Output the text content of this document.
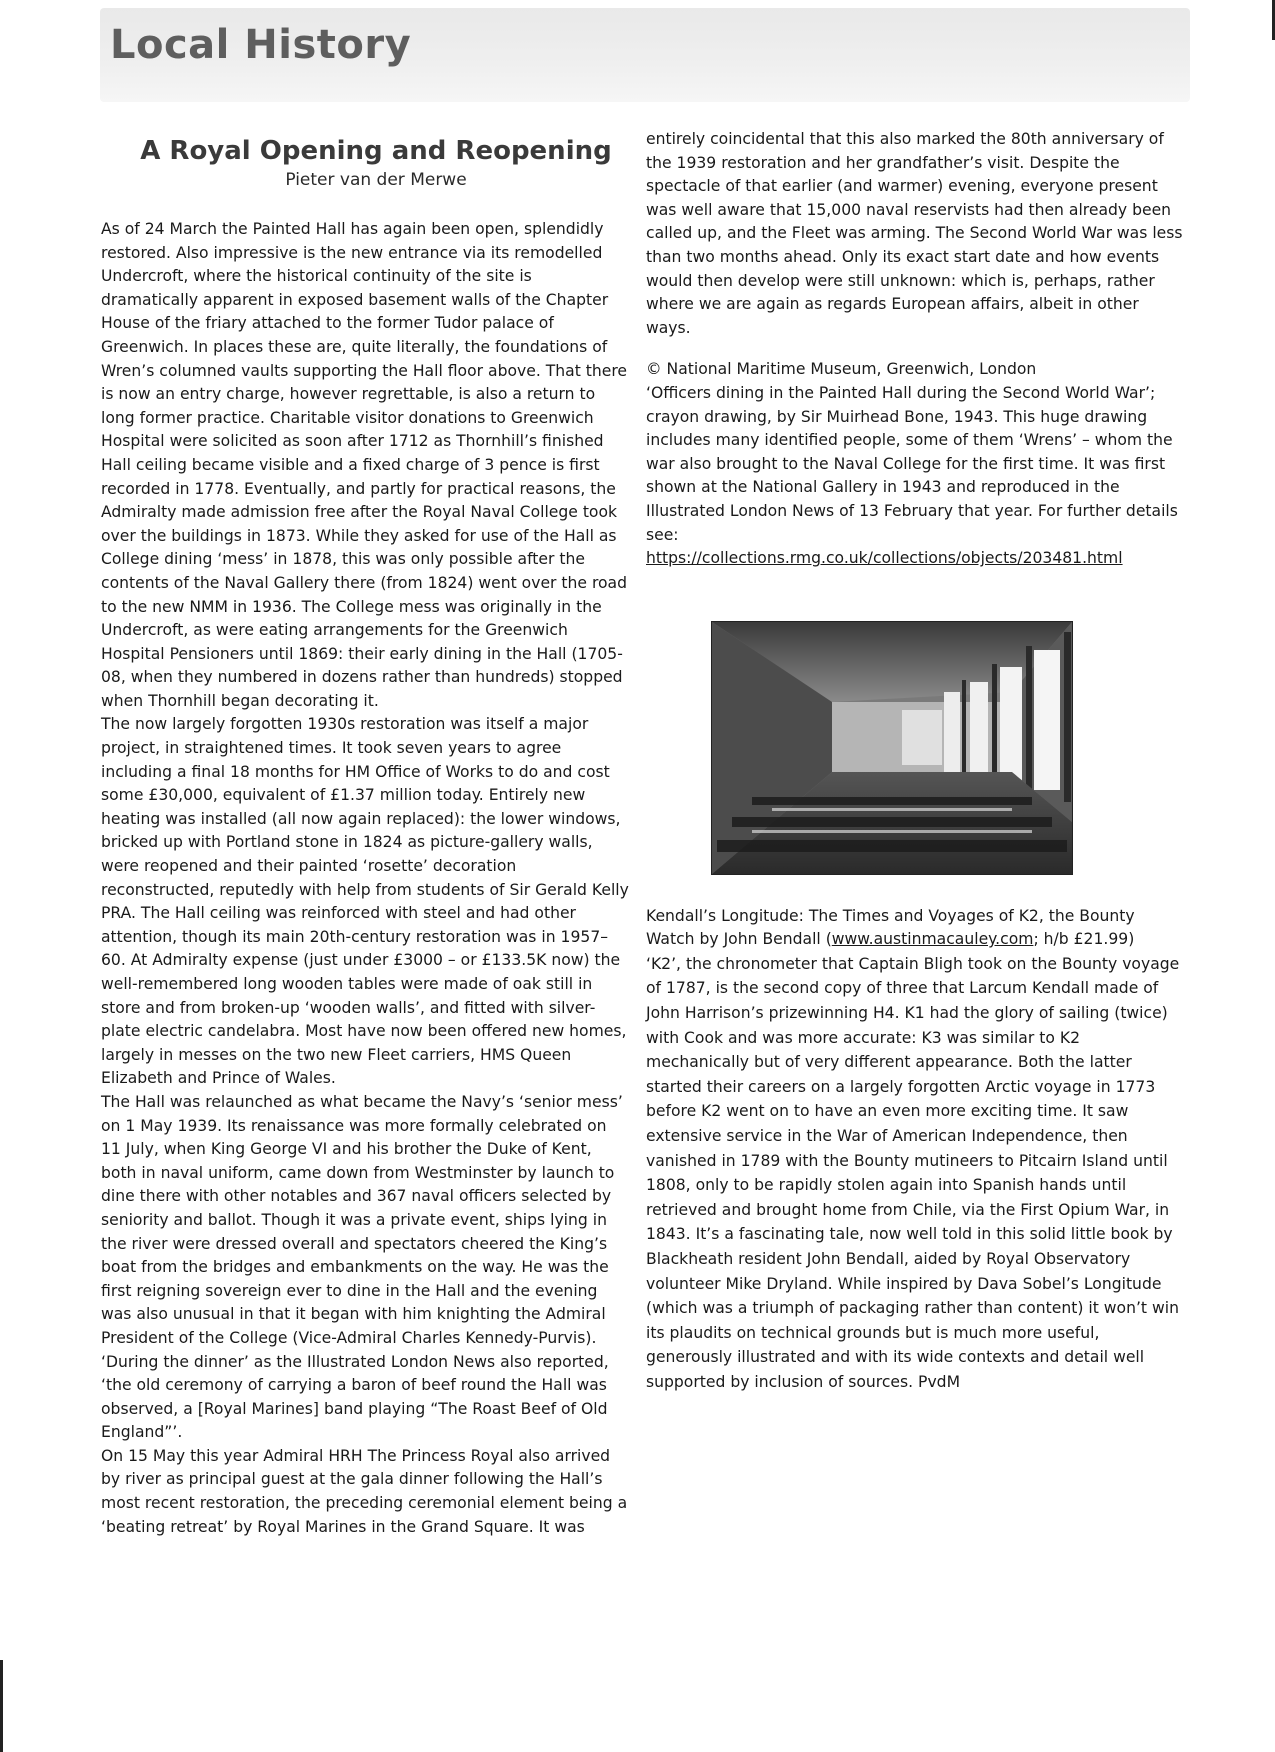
Local History
A Royal Opening and Reopening
Pieter van der Merwe

As of 24 March the Painted Hall has again been open, splendidly restored. Also impressive is the new entrance via its remodelled Undercroft, where the historical continuity of the site is dramatically apparent in exposed basement walls of the Chapter House of the friary attached to the former Tudor palace of Greenwich. In places these are, quite literally, the foundations of Wren’s columned vaults supporting the Hall floor above. That there is now an entry charge, however regrettable, is also a return to long former practice. Charitable visitor donations to Greenwich Hospital were solicited as soon after 1712 as Thornhill’s finished Hall ceiling became visible and a fixed charge of 3 pence is first recorded in 1778. Eventually, and partly for practical reasons, the Admiralty made admission free after the Royal Naval College took over the buildings in 1873. While they asked for use of the Hall as College dining ‘mess’ in 1878, this was only possible after the contents of the Naval Gallery there (from 1824) went over the road to the new NMM in 1936. The College mess was originally in the Undercroft, as were eating arrangements for the Greenwich Hospital Pensioners until 1869: their early dining in the Hall (1705-08, when they numbered in dozens rather than hundreds) stopped when Thornhill began decorating it.

The now largely forgotten 1930s restoration was itself a major project, in straightened times. It took seven years to agree including a final 18 months for HM Office of Works to do and cost some £30,000, equivalent of £1.37 million today. Entirely new heating was installed (all now again replaced): the lower windows, bricked up with Portland stone in 1824 as picture-gallery walls, were reopened and their painted ‘rosette’ decoration reconstructed, reputedly with help from students of Sir Gerald Kelly PRA. The Hall ceiling was reinforced with steel and had other attention, though its main 20th-century restoration was in 1957–60. At Admiralty expense (just under £3000 – or £133.5K now) the well-remembered long wooden tables were made of oak still in store and from broken-up ‘wooden walls’, and fitted with silver-plate electric candelabra. Most have now been offered new homes, largely in messes on the two new Fleet carriers, HMS Queen Elizabeth and Prince of Wales.

The Hall was relaunched as what became the Navy’s ‘senior mess’ on 1 May 1939. Its renaissance was more formally celebrated on 11 July, when King George VI and his brother the Duke of Kent, both in naval uniform, came down from Westminster by launch to dine there with other notables and 367 naval officers selected by seniority and ballot. Though it was a private event, ships lying in the river were dressed overall and spectators cheered the King’s boat from the bridges and embankments on the way. He was the first reigning sovereign ever to dine in the Hall and the evening was also unusual in that it began with him knighting the Admiral President of the College (Vice-Admiral Charles Kennedy-Purvis). ‘During the dinner’ as the Illustrated London News also reported, ‘the old ceremony of carrying a baron of beef round the Hall was observed, a [Royal Marines] band playing “The Roast Beef of Old England”’.

On 15 May this year Admiral HRH The Princess Royal also arrived by river as principal guest at the gala dinner following the Hall’s most recent restoration, the preceding ceremonial element being a ‘beating retreat’ by Royal Marines in the Grand Square. It was

entirely coincidental that this also marked the 80th anniversary of the 1939 restoration and her grandfather’s visit. Despite the spectacle of that earlier (and warmer) evening, everyone present was well aware that 15,000 naval reservists had then already been called up, and the Fleet was arming. The Second World War was less than two months ahead. Only its exact start date and how events would then develop were still unknown: which is, perhaps, rather where we are again as regards European affairs, albeit in other ways.

© National Maritime Museum, Greenwich, London

‘Officers dining in the Painted Hall during the Second World War’; crayon drawing, by Sir Muirhead Bone, 1943. This huge drawing includes many identified people, some of them ‘Wrens’ – whom the war also brought to the Naval College for the first time. It was first shown at the National Gallery in 1943 and reproduced in the Illustrated London News of 13 February that year. For further details see:

https://collections.rmg.co.uk/collections/objects/203481.html

Kendall’s Longitude: The Times and Voyages of K2, the Bounty Watch by John Bendall (www.austinmacauley.com; h/b £21.99)

‘K2’, the chronometer that Captain Bligh took on the Bounty voyage of 1787, is the second copy of three that Larcum Kendall made of John Harrison’s prizewinning H4. K1 had the glory of sailing (twice) with Cook and was more accurate: K3 was similar to K2 mechanically but of very different appearance. Both the latter started their careers on a largely forgotten Arctic voyage in 1773 before K2 went on to have an even more exciting time. It saw extensive service in the War of American Independence, then vanished in 1789 with the Bounty mutineers to Pitcairn Island until 1808, only to be rapidly stolen again into Spanish hands until retrieved and brought home from Chile, via the First Opium War, in 1843. It’s a fascinating tale, now well told in this solid little book by Blackheath resident John Bendall, aided by Royal Observatory volunteer Mike Dryland. While inspired by Dava Sobel’s Longitude (which was a triumph of packaging rather than content) it won’t win its plaudits on technical grounds but is much more useful, generously illustrated and with its wide contexts and detail well supported by inclusion of sources. PvdM
